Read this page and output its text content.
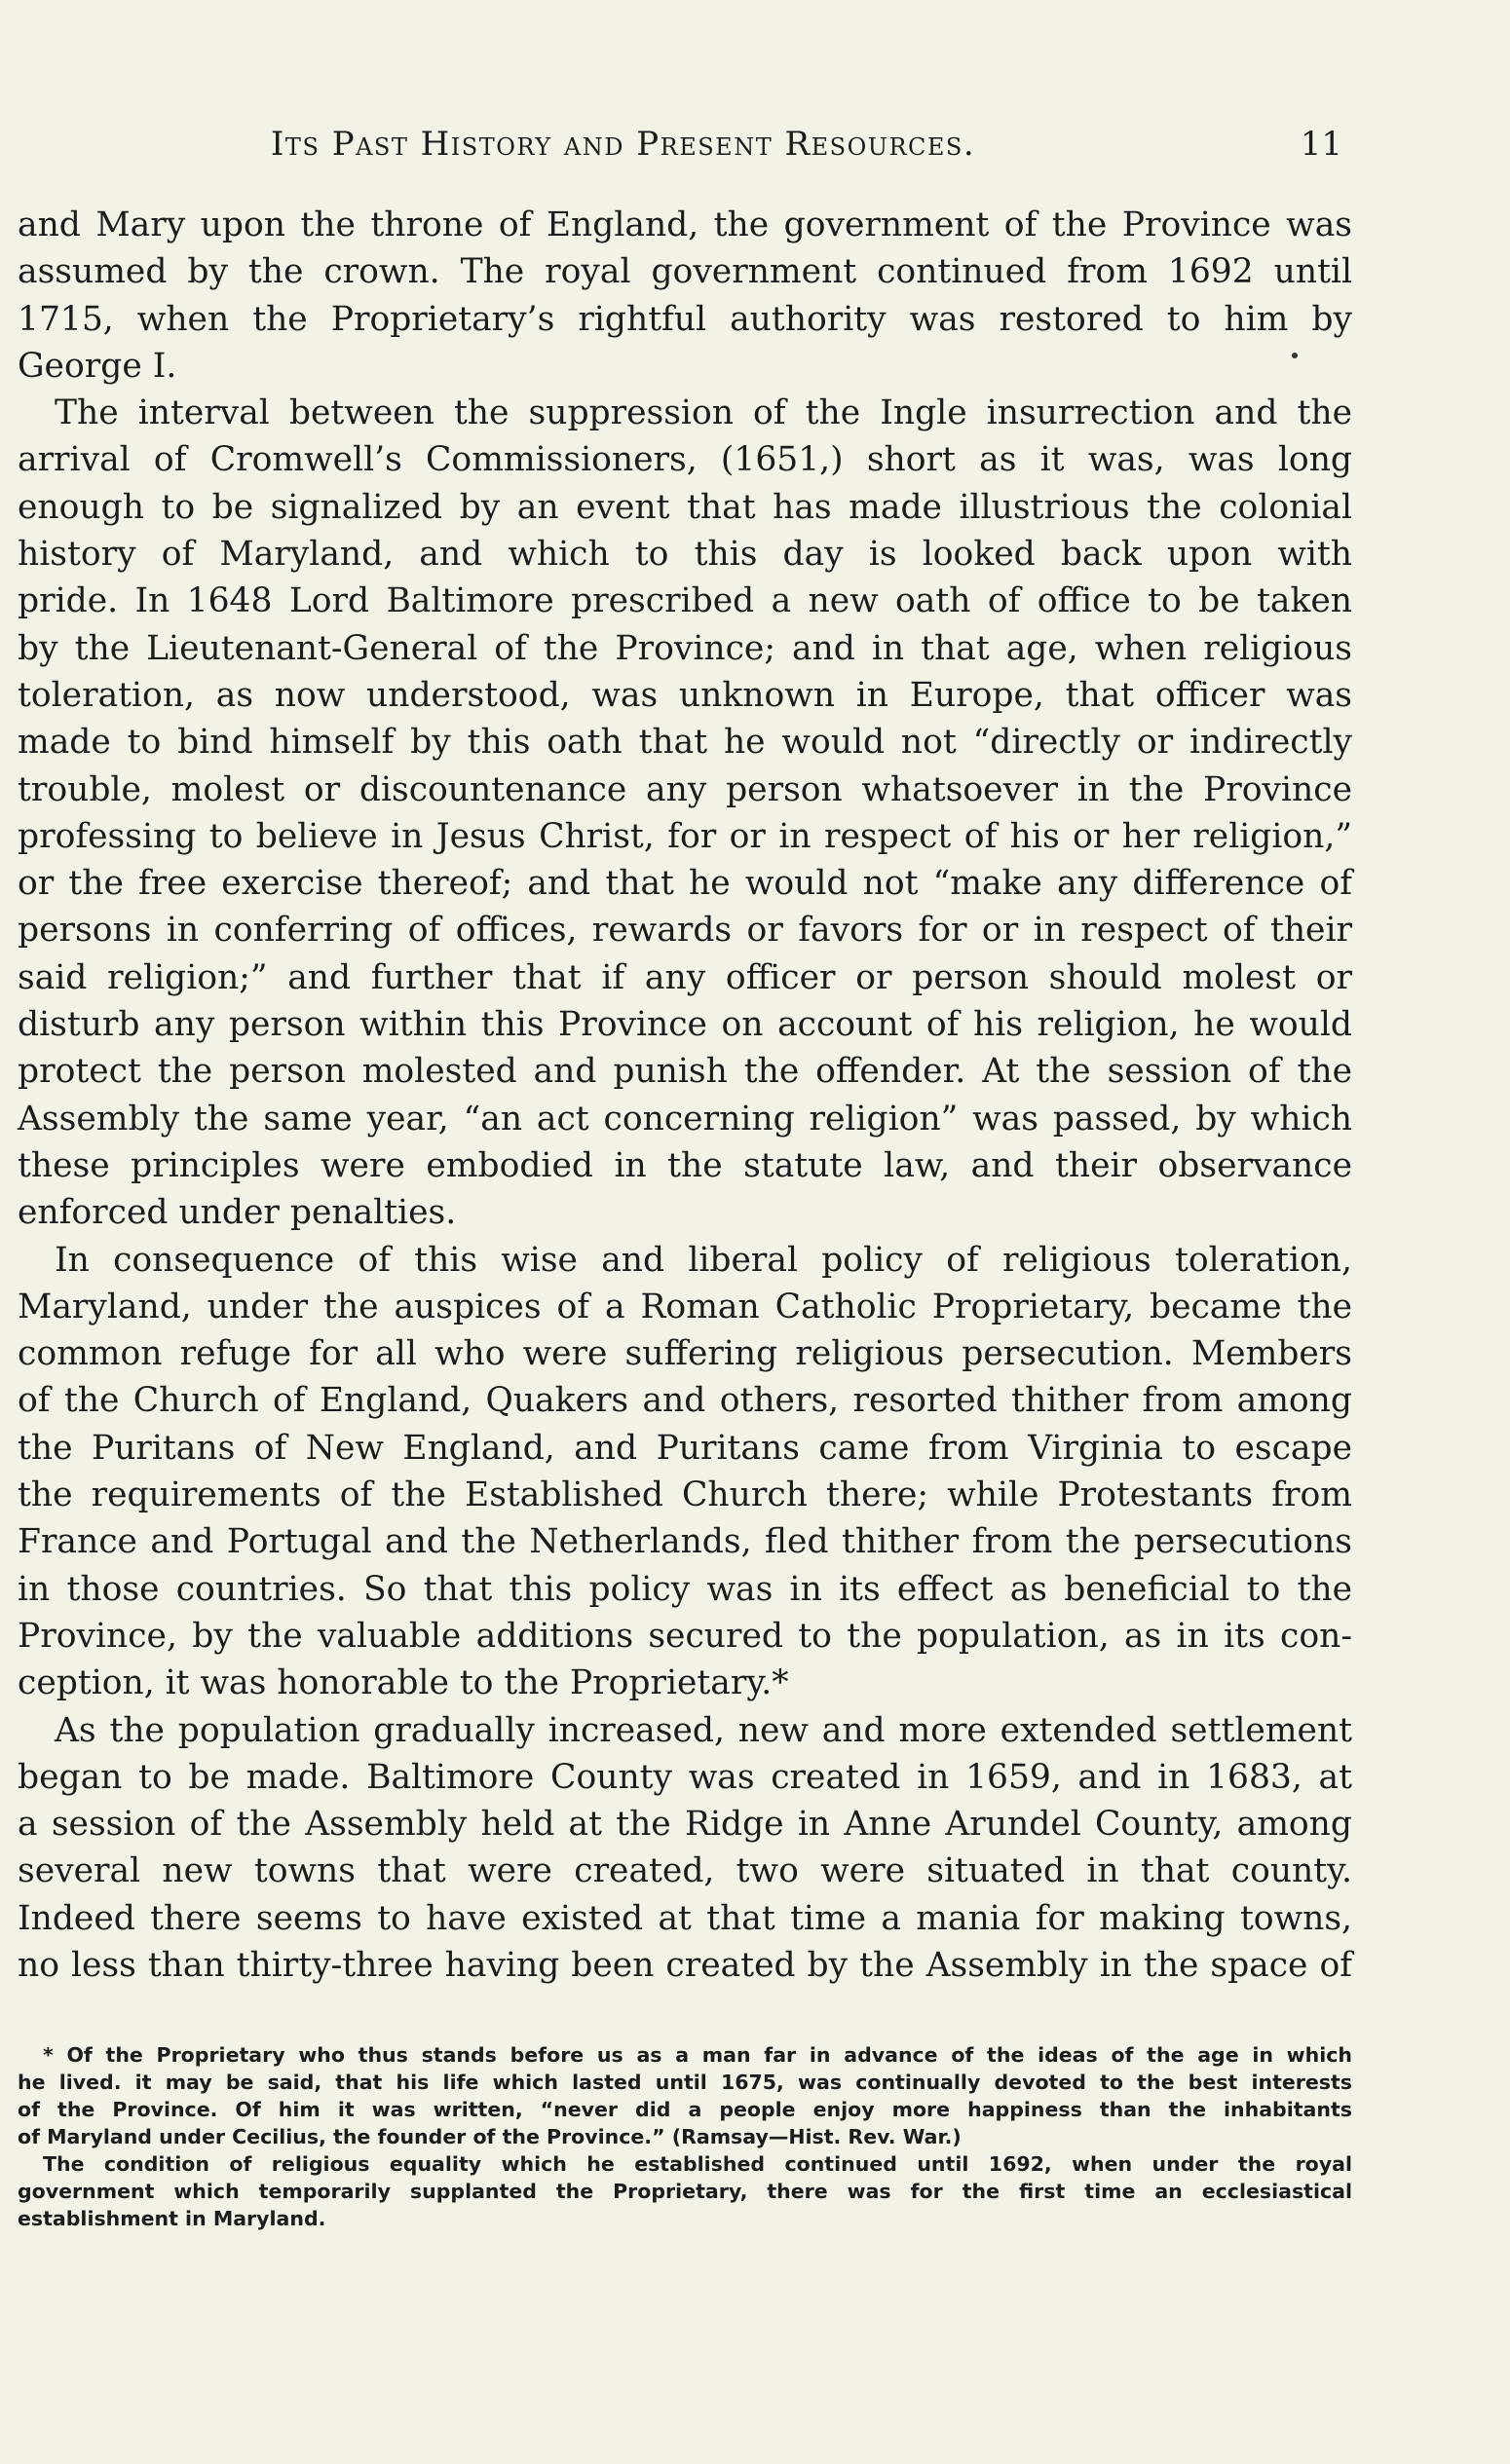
Its Past History and Present Resources.	11
and Mary upon the throne of England, the government of the Province was
assumed by the crown. The royal government continued from 1692 until
1715, when the Proprietary’s rightful authority was restored to him by
George I.
The interval between the suppression of the Ingle insurrection and the
arrival of Cromwell’s Commissioners, (1651,) short as it was, was long
enough to be signalized by an event that has made illustrious the colonial
history of Maryland, and which to this day is looked back upon with
pride. In 1648 Lord Baltimore prescribed a new oath of office to be taken
by the Lieutenant-General of the Province; and in that age, when religious
toleration, as now understood, was unknown in Europe, that officer was
made to bind himself by this oath that he would not “directly or indirectly
trouble, molest or discountenance any person whatsoever in the Province
professing to believe in Jesus Christ, for or in respect of his or her religion,”
or the free exercise thereof; and that he would not “make any difference of
persons in conferring of offices, rewards or favors for or in respect of their
said religion;” and further that if any officer or person should molest or
disturb any person within this Province on account of his religion, he would
protect the person molested and punish the offender. At the session of the
Assembly the same year, “an act concerning religion” was passed, by which
these principles were embodied in the statute law, and their observance
enforced under penalties.
In consequence of this wise and liberal policy of religious toleration,
Maryland, under the auspices of a Roman Catholic Proprietary, became the
common refuge for all who were suffering religious persecution. Members
of the Church of England, Quakers and others, resorted thither from among
the Puritans of New England, and Puritans came from Virginia to escape
the requirements of the Established Church there; while Protestants from
France and Portugal and the Netherlands, fled thither from the persecutions
in those countries. So that this policy was in its effect as beneficial to the
Province, by the valuable additions secured to the population, as in its con-
ception, it was honorable to the Proprietary.*
As the population gradually increased, new and more extended settlement
began to be made. Baltimore County was created in 1659, and in 1683, at
a session of the Assembly held at the Ridge in Anne Arundel County, among
several new towns that were created, two were situated in that county.
Indeed there seems to have existed at that time a mania for making towns,
no less than thirty-three having been created by the Assembly in the space of
* Of the Proprietary who thus stands before us as a man far in advance of the ideas of the age in which
he lived. it may be said, that his life which lasted until 1675, was continually devoted to the best interests
of the Province. Of him it was written, “never did a people enjoy more happiness than the inhabitants
of Maryland under Cecilius, the founder of the Province.” (Ramsay—Hist. Rev. War.)
The condition of religious equality which he established continued until 1692, when under the royal
government which temporarily supplanted the Proprietary, there was for the first time an ecclesiastical
establishment in Maryland.
